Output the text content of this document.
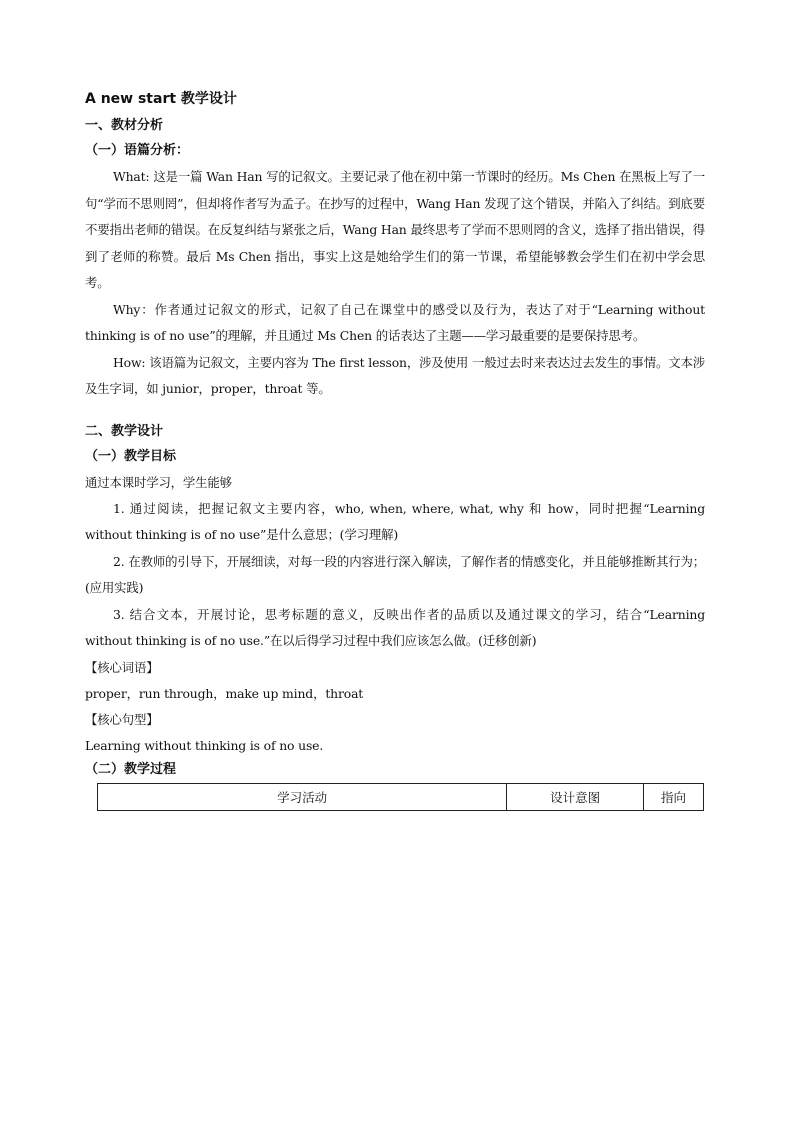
A new start 教学设计
一、教材分析
（一）语篇分析：

What: 这是一篇 Wan Han 写的记叙文。主要记录了他在初中第一节课时的经历。Ms Chen 在黑板上写了一句“学而不思则罔”，但却将作者写为孟子。在抄写的过程中，Wang Han 发现了这个错误，并陷入了纠结。到底要不要指出老师的错误。在反复纠结与紧张之后，Wang Han 最终思考了学而不思则罔的含义，选择了指出错误，得到了老师的称赞。最后 Ms Chen 指出，事实上这是她给学生们的第一节课，希望能够教会学生们在初中学会思考。

Why：作者通过记叙文的形式，记叙了自己在课堂中的感受以及行为，表达了对于“Learning without thinking is of no use”的理解，并且通过 Ms Chen 的话表达了主题——学习最重要的是要保持思考。

How: 该语篇为记叙文，主要内容为 The first lesson，涉及使用 一般过去时来表达过去发生的事情。文本涉及生字词，如 junior，proper，throat 等。

二、教学设计
（一）教学目标

通过本课时学习，学生能够

1. 通过阅读，把握记叙文主要内容，who, when, where, what, why 和 how，同时把握“Learning without thinking is of no use”是什么意思；(学习理解)

2. 在教师的引导下，开展细读，对每一段的内容进行深入解读，了解作者的情感变化，并且能够推断其行为；(应用实践)

3. 结合文本，开展讨论，思考标题的意义，反映出作者的品质以及通过课文的学习，结合“Learning without thinking is of no use.”在以后得学习过程中我们应该怎么做。(迁移创新)

【核心词语】

proper，run through，make up mind，throat

【核心句型】

Learning without thinking is of no use.

（二）教学过程
学习活动	设计意图	指向
